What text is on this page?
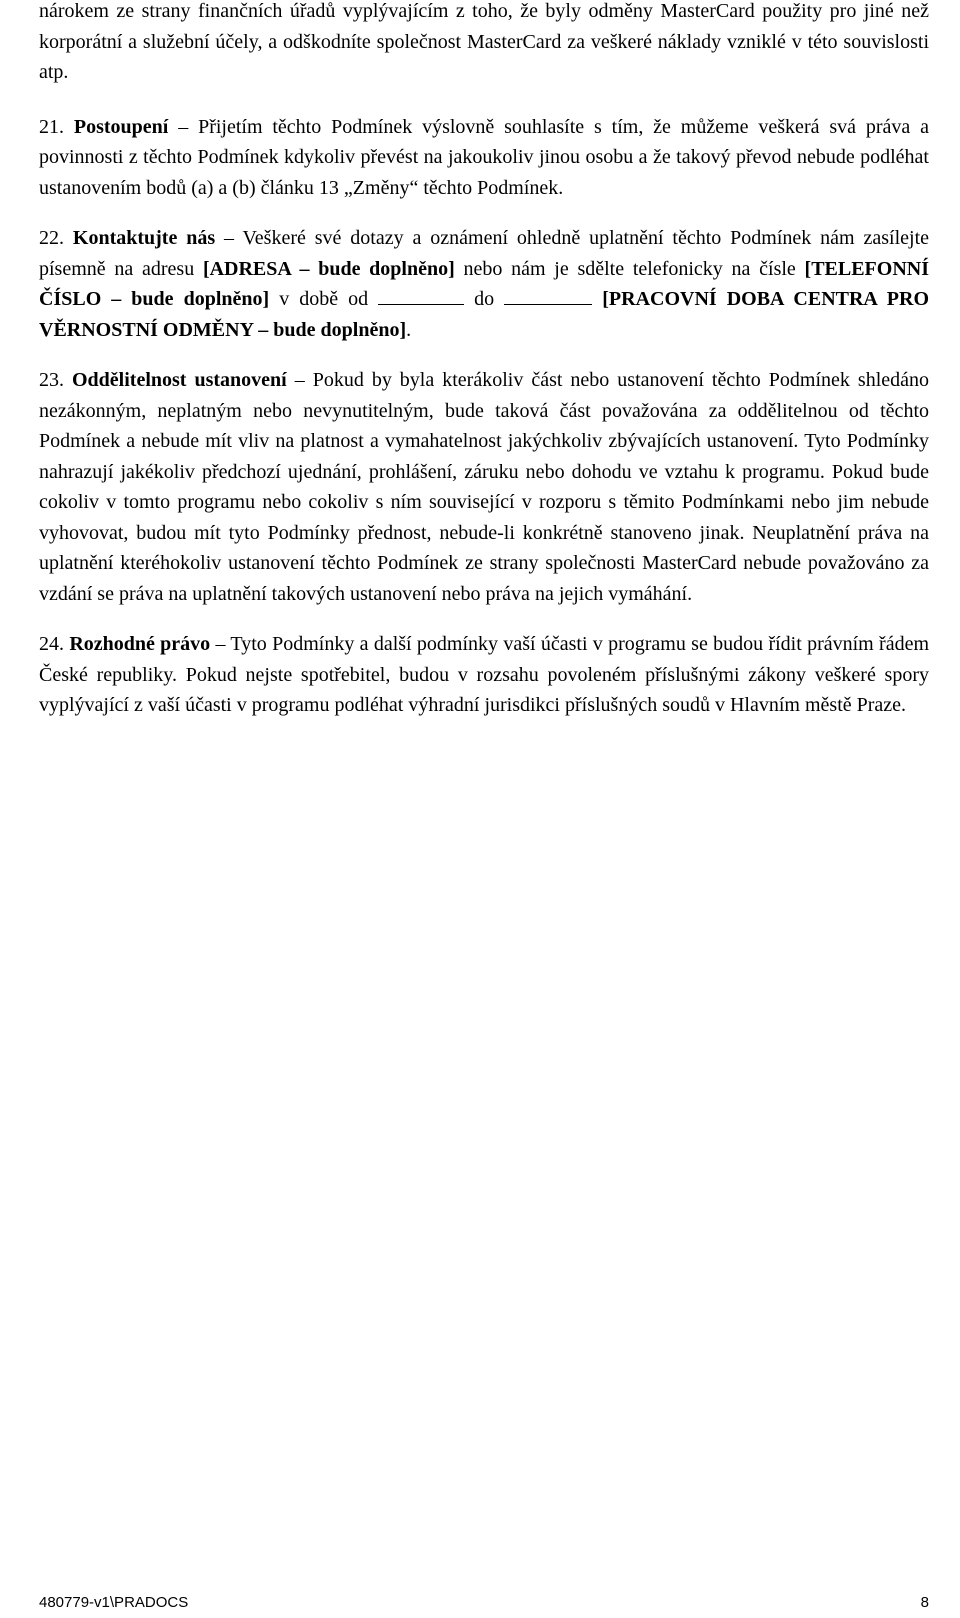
nárokem ze strany finančních úřadů vyplývajícím z toho, že byly odměny MasterCard použity pro jiné než korporátní a služební účely, a odškodníte společnost MasterCard za veškeré náklady vzniklé v této souvislosti atp.

21. Postoupení – Přijetím těchto Podmínek výslovně souhlasíte s tím, že můžeme veškerá svá práva a povinnosti z těchto Podmínek kdykoliv převést na jakoukoliv jinou osobu a že takový převod nebude podléhat ustanovením bodů (a) a (b) článku 13 „Změny“ těchto Podmínek.

22. Kontaktujte nás – Veškeré své dotazy a oznámení ohledně uplatnění těchto Podmínek nám zasílejte písemně na adresu [ADRESA – bude doplněno] nebo nám je sdělte telefonicky na čísle [TELEFONNÍ ČÍSLO – bude doplněno] v době od	do	[PRACOVNÍ DOBA CENTRA PRO VĚRNOSTNÍ ODMĚNY – bude doplněno].

23. Oddělitelnost ustanovení – Pokud by byla kterákoliv část nebo ustanovení těchto Podmínek shledáno nezákonným, neplatným nebo nevynutitelným, bude taková část považována za oddělitelnou od těchto Podmínek a nebude mít vliv na platnost a vymahatelnost jakýchkoliv zbývajících ustanovení. Tyto Podmínky nahrazují jakékoliv předchozí ujednání, prohlášení, záruku nebo dohodu ve vztahu k programu. Pokud bude cokoliv v tomto programu nebo cokoliv s ním související v rozporu s těmito Podmínkami nebo jim nebude vyhovovat, budou mít tyto Podmínky přednost, nebude-li konkrétně stanoveno jinak. Neuplatnění práva na uplatnění kteréhokoliv ustanovení těchto Podmínek ze strany společnosti MasterCard nebude považováno za vzdání se práva na uplatnění takových ustanovení nebo práva na jejich vymáhání.

24. Rozhodné právo – Tyto Podmínky a další podmínky vaší účasti v programu se budou řídit právním řádem České republiky. Pokud nejste spotřebitel, budou v rozsahu povoleném příslušnými zákony veškeré spory vyplývající z vaší účasti v programu podléhat výhradní jurisdikci příslušných soudů v Hlavním městě Praze.

480779-v1\PRADOCS	8
